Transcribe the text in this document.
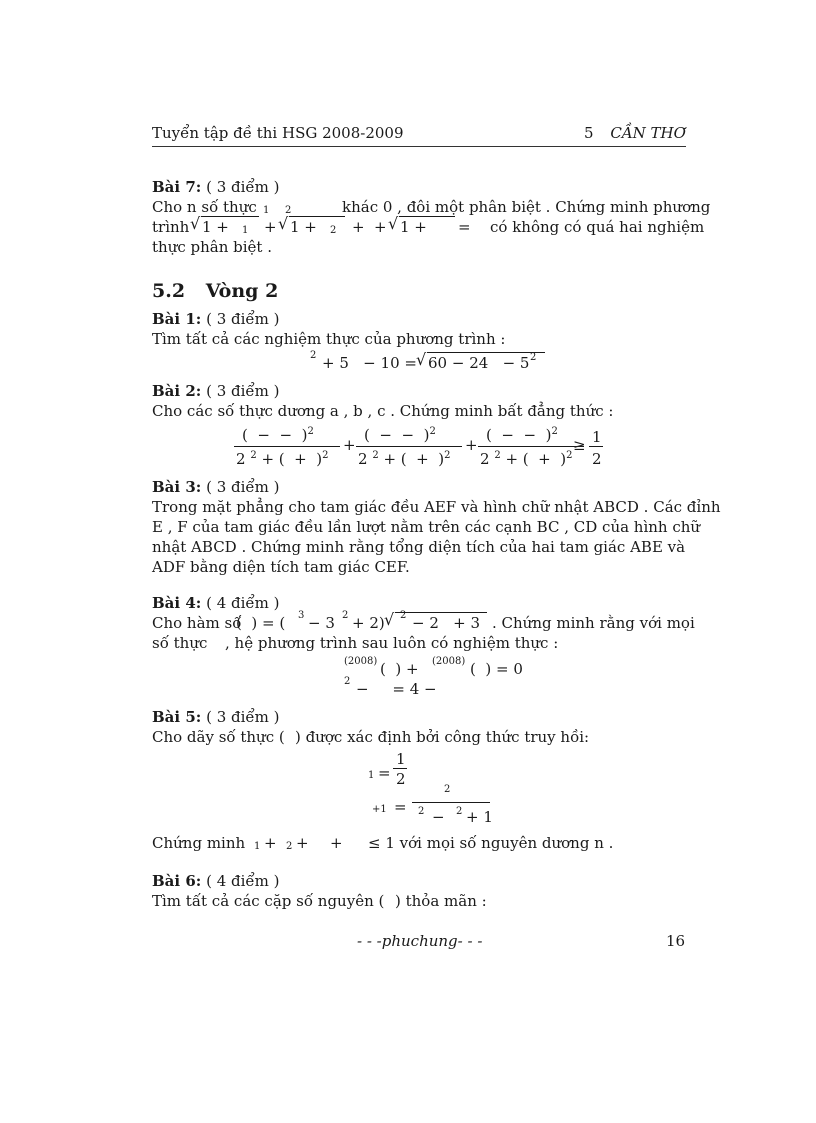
Tuyển tập đề thi HSG 2008-2009	5 CẦN THƠ
Bài 7: ( 3 điểm )
Cho n số thực 1 2	khác 0 , đôi một phân biệt . Chứng minh phương
trình √ 1 + 1 + √ 1 + 2 + + √ 1 + = có không có quá hai nghiệm
thực phân biệt .
5.2 Vòng 2
Bài 1: ( 3 điểm )
Tìm tất cả các nghiệm thực của phương trình :
2 + 5   − 10 = √ 60 − 24   − 5 2
Bài 2: ( 3 điểm )
Cho các số thực dương a , b , c . Chứng minh bất đẳng thức :
(  −  −  )$^2$
2 $^2$ + (  +  )$^2$
+
(  −  −  )$^2$
2 $^2$ + (  +  )$^2$
+
(  −  −  )$^2$
2 $^2$ + (  +  )$^2$
≥ 1
2
Bài 3: ( 3 điểm )
Trong mặt phẳng cho tam giác đều AEF và hình chữ nhật ABCD . Các đỉnh
E , F của tam giác đều lần lượt nằm trên các cạnh BC , CD của hình chữ
nhật ABCD . Chứng minh rằng tổng diện tích của hai tam giác ABE và
ADF bằng diện tích tam giác CEF.
Bài 4: ( 4 điểm )
Cho hàm số
(  ) = ( 3 − 3 2 + 2) √ 2 − 2   + 3 . Chứng minh rằng với mọi
số thực , hệ phương trình sau luôn có nghiệm thực :
(2008) (  ) + (2008) (  ) = 0
2 −     = 4 −
Bài 5: ( 3 điểm )
Cho dãy số thực ( ) được xác định bởi công thức truy hồi:
1 =
1
2
2
+1 = 2 − 2 + 1
Chứng minh 1 + 2 + + ≤ 1 với mọi số nguyên dương n .
Bài 6: ( 4 điểm )
Tìm tất cả các cặp số nguyên ( ) thỏa mãn :
- - -phuchung- - -	16
